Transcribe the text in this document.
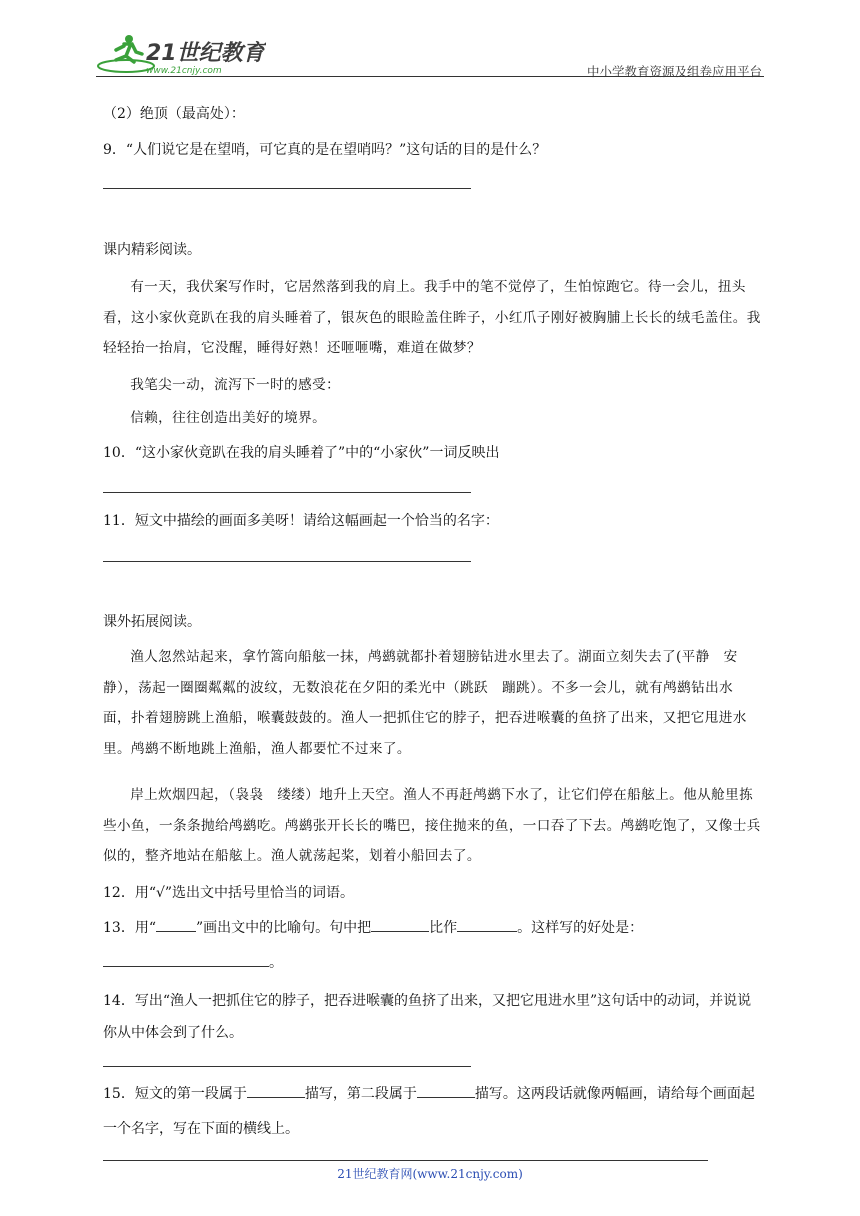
21世纪教育
www.21cnjy.com	中小学教育资源及组卷应用平台
（2）绝顶（最高处）：
9．“人们说它是在望哨，可它真的是在望哨吗？”这句话的目的是什么？
课内精彩阅读。
有一天，我伏案写作时，它居然落到我的肩上。我手中的笔不觉停了，生怕惊跑它。待一会儿，扭头看，这小家伙竟趴在我的肩头睡着了，银灰色的眼睑盖住眸子，小红爪子刚好被胸脯上长长的绒毛盖住。我轻轻抬一抬肩，它没醒，睡得好熟！还咂咂嘴，难道在做梦？
我笔尖一动，流泻下一时的感受：
信赖，往往创造出美好的境界。
10．“这小家伙竟趴在我的肩头睡着了”中的“小家伙”一词反映出
11．短文中描绘的画面多美呀！请给这幅画起一个恰当的名字：
课外拓展阅读。
渔人忽然站起来，拿竹篙向船舷一抹，鸬鹚就都扑着翅膀钻进水里去了。湖面立刻失去了(平静　安静），荡起一圈圈粼粼的波纹，无数浪花在夕阳的柔光中（跳跃　蹦跳）。不多一会儿，就有鸬鹚钻出水面，扑着翅膀跳上渔船，喉囊鼓鼓的。渔人一把抓住它的脖子，把吞进喉囊的鱼挤了出来，又把它甩进水里。鸬鹚不断地跳上渔船，渔人都要忙不过来了。
岸上炊烟四起，（袅袅　缕缕）地升上天空。渔人不再赶鸬鹚下水了，让它们停在船舷上。他从舱里拣些小鱼，一条条抛给鸬鹚吃。鸬鹚张开长长的嘴巴，接住抛来的鱼，一口吞了下去。鸬鹚吃饱了，又像士兵似的，整齐地站在船舷上。渔人就荡起桨，划着小船回去了。
12．用“√”选出文中括号里恰当的词语。
13．用“	”画出文中的比喻句。句中把	比作	。这样写的好处是：
。
14．写出“渔人一把抓住它的脖子，把吞进喉囊的鱼挤了出来，又把它甩进水里”这句话中的动词，并说说你从中体会到了什么。
15．短文的第一段属于	描写，第二段属于	描写。这两段话就像两幅画，请给每个画面起一个名字，写在下面的横线上。
21世纪教育网(www.21cnjy.com)
